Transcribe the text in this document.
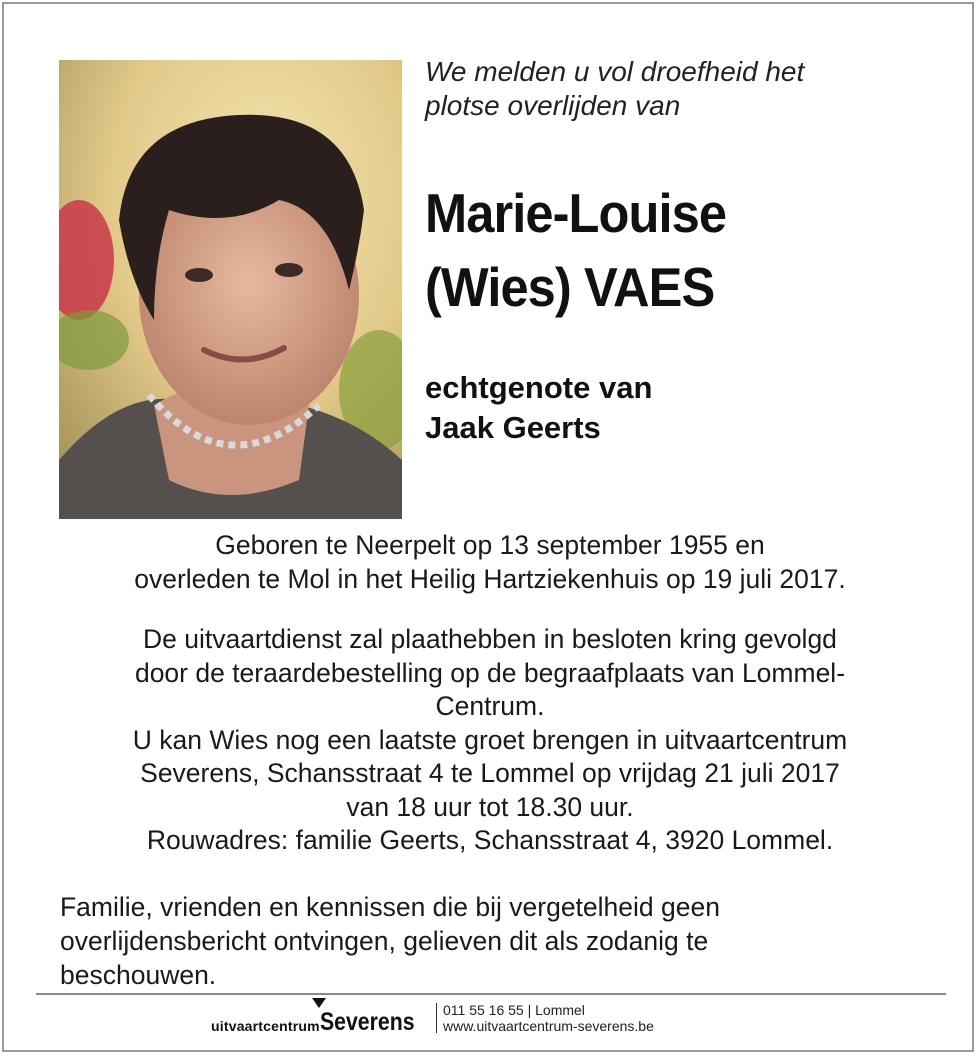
We melden u vol droefheid het
plotse overlijden van
Marie-Louise
(Wies) VAES
echtgenote van
Jaak Geerts
Geboren te Neerpelt op 13 september 1955 en
overleden te Mol in het Heilig Hartziekenhuis op 19 juli 2017.
De uitvaartdienst zal plaathebben in besloten kring gevolgd
door de teraardebestelling op de begraafplaats van Lommel-
Centrum.
U kan Wies nog een laatste groet brengen in uitvaartcentrum
Severens, Schansstraat 4 te Lommel op vrijdag 21 juli 2017
van 18 uur tot 18.30 uur.
Rouwadres: familie Geerts, Schansstraat 4, 3920 Lommel.
Familie, vrienden en kennissen die bij vergetelheid geen
overlijdensbericht ontvingen, gelieven dit als zodanig te
beschouwen.
uitvaartcentrum Severens 011 55 16 55 | Lommel
www.uitvaartcentrum-severens.be
